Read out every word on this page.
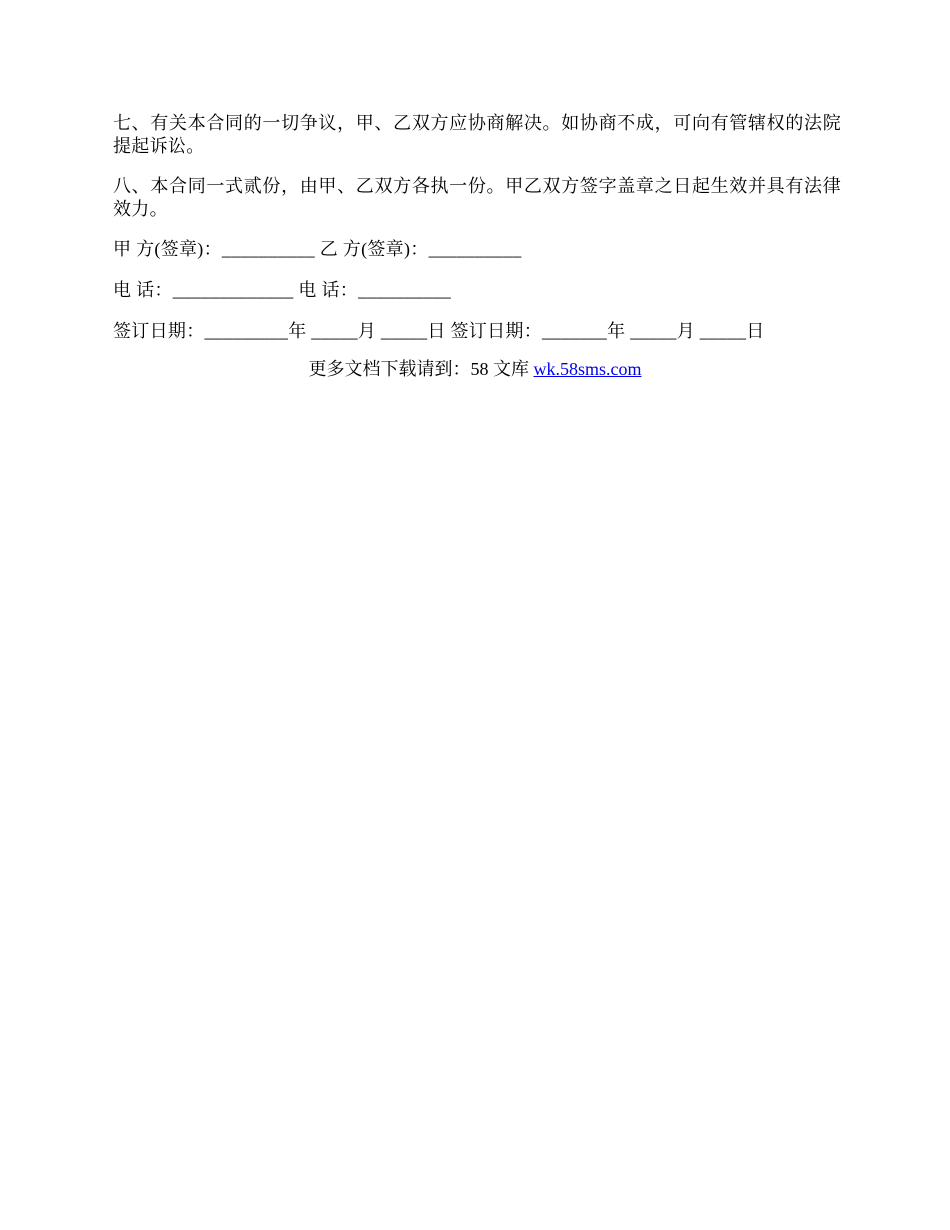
七、有关本合同的一切争议，甲、乙双方应协商解决。如协商不成，可向有管辖权的法院提起诉讼。

八、本合同一式贰份，由甲、乙双方各执一份。甲乙双方签字盖章之日起生效并具有法律效力。

甲 方(签章)：__________ 乙 方(签章)：__________
电 话：_____________ 电 话：__________
签订日期：_________年 _____月 _____日 签订日期：_______年 _____月 _____日
更多文档下载请到：58 文库 wk.58sms.com
